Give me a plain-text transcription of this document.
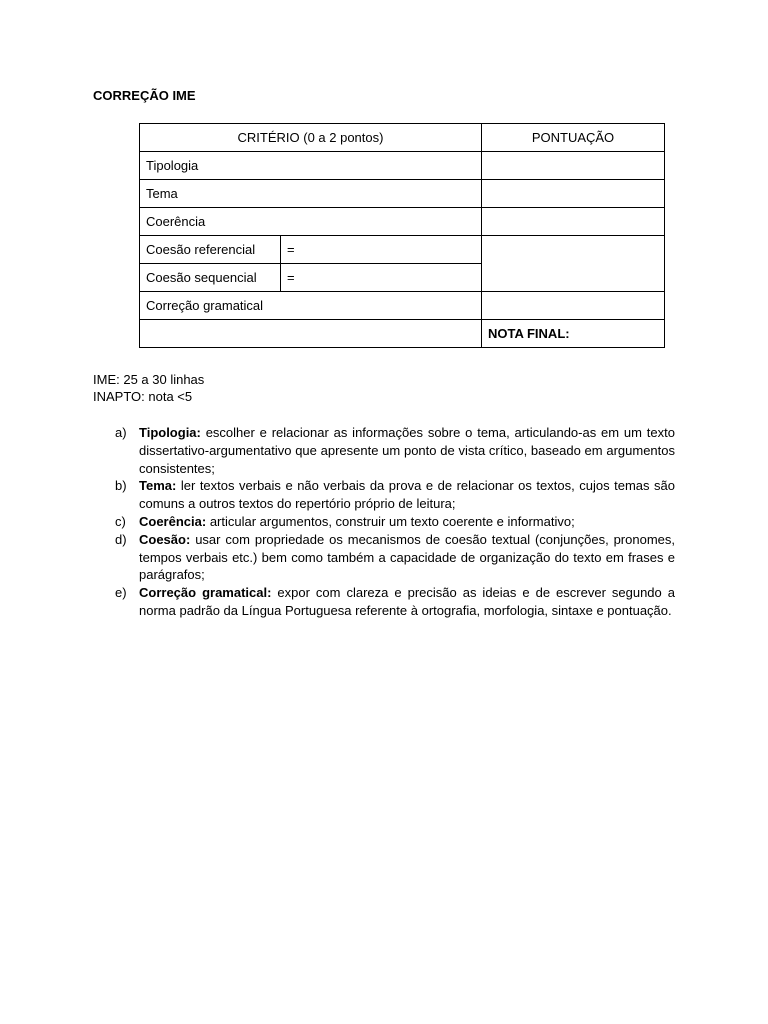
CORREÇÃO IME
CRITÉRIO (0 a 2 pontos)		PONTUAÇÃO
Tipologia		
Tema		
Coerência		
Coesão referencial	=	
Coesão sequencial	=	
Correção gramatical		
		NOTA FINAL:
IME: 25 a 30 linhas
INAPTO: nota <5
a) Tipologia: escolher e relacionar as informações sobre o tema, articulando-as em um texto dissertativo-argumentativo que apresente um ponto de vista crítico, baseado em argumentos consistentes;
b) Tema: ler textos verbais e não verbais da prova e de relacionar os textos, cujos temas são comuns a outros textos do repertório próprio de leitura;
c) Coerência: articular argumentos, construir um texto coerente e informativo;
d) Coesão: usar com propriedade os mecanismos de coesão textual (conjunções, pronomes, tempos verbais etc.) bem como também a capacidade de organização do texto em frases e parágrafos;
e) Correção gramatical: expor com clareza e precisão as ideias e de escrever segundo a norma padrão da Língua Portuguesa referente à ortografia, morfologia, sintaxe e pontuação.
